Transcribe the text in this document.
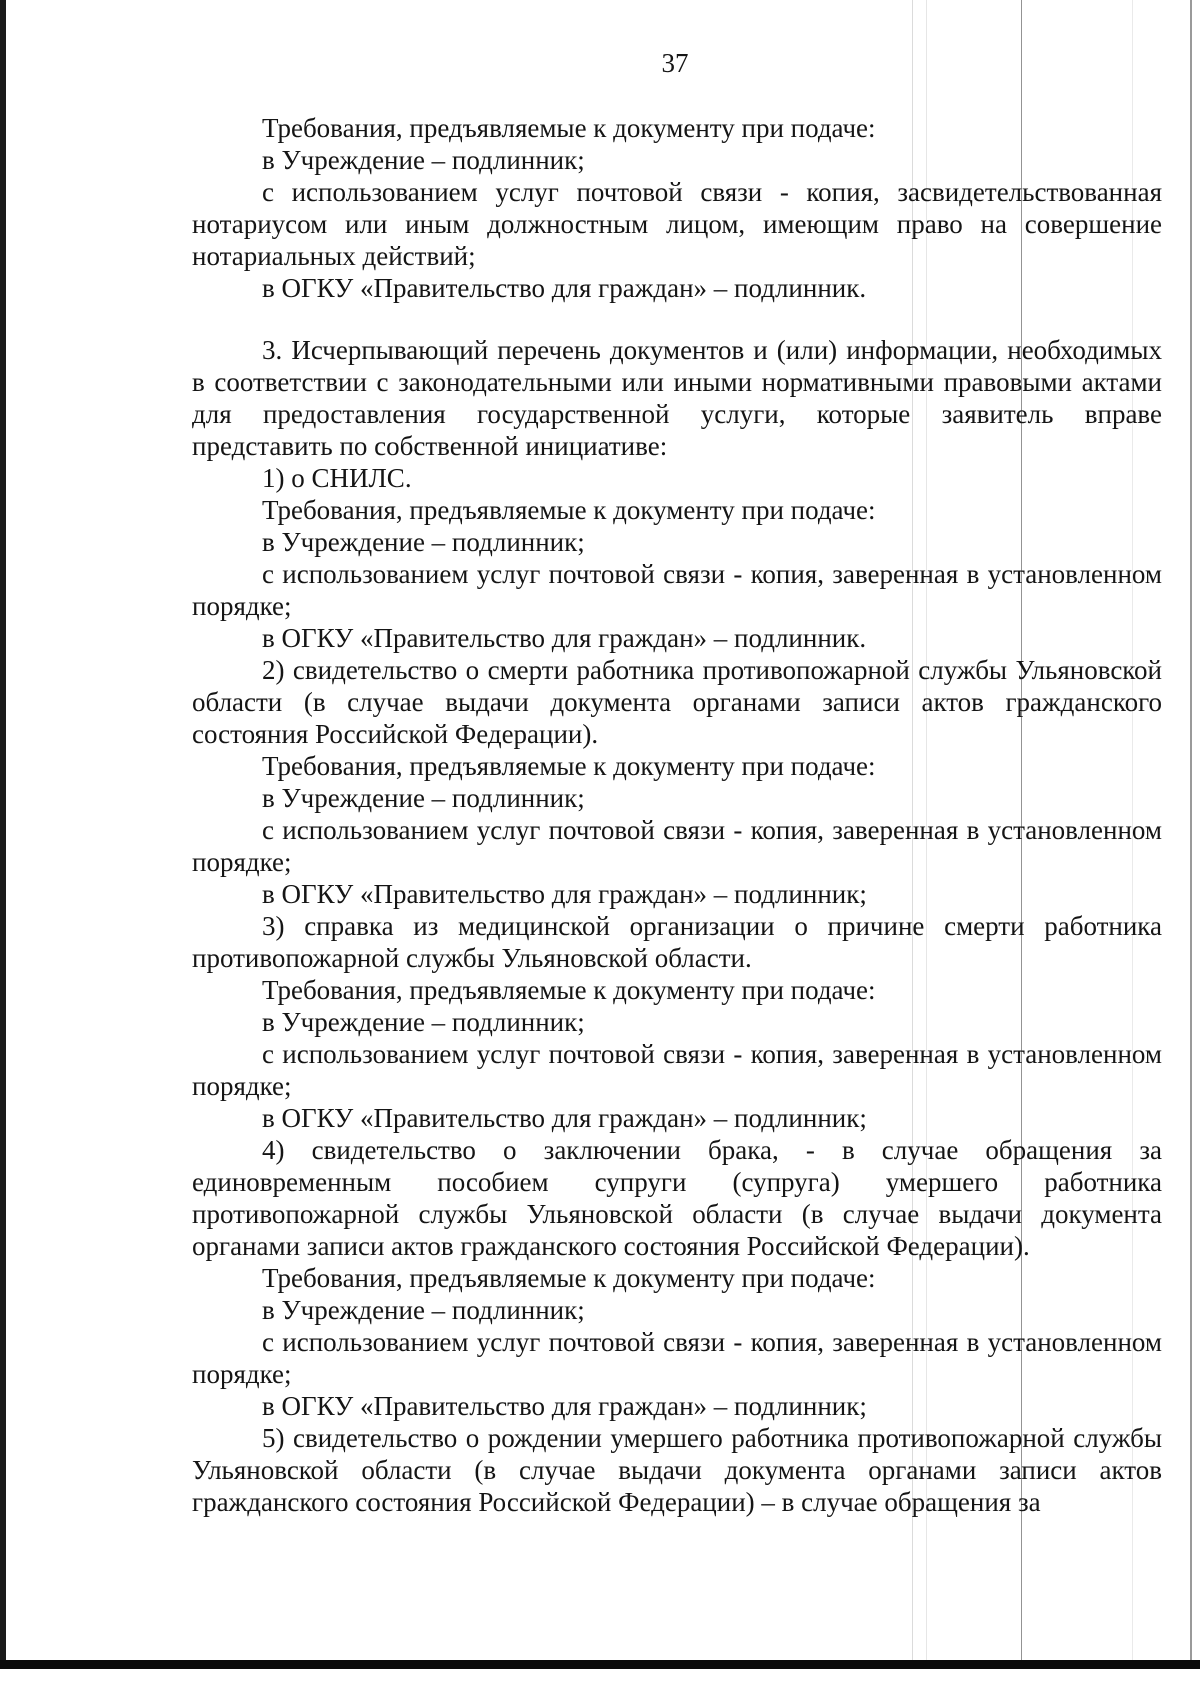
37

Требования, предъявляемые к документу при подаче:

в Учреждение – подлинник;

с использованием услуг почтовой связи - копия, засвидетельствованная нотариусом или иным должностным лицом, имеющим право на совершение нотариальных действий;

в ОГКУ «Правительство для граждан» – подлинник.

3. Исчерпывающий перечень документов и (или) информации, необходимых в соответствии с законодательными или иными нормативными правовыми актами для предоставления государственной услуги, которые заявитель вправе представить по собственной инициативе:

1) о СНИЛС.

Требования, предъявляемые к документу при подаче:

в Учреждение – подлинник;

с использованием услуг почтовой связи - копия, заверенная в установленном порядке;

в ОГКУ «Правительство для граждан» – подлинник.

2) свидетельство о смерти работника противопожарной службы Ульяновской области (в случае выдачи документа органами записи актов гражданского состояния Российской Федерации).

Требования, предъявляемые к документу при подаче:

в Учреждение – подлинник;

с использованием услуг почтовой связи - копия, заверенная в установленном порядке;

в ОГКУ «Правительство для граждан» – подлинник;

3) справка из медицинской организации о причине смерти работника противопожарной службы Ульяновской области.

Требования, предъявляемые к документу при подаче:

в Учреждение – подлинник;

с использованием услуг почтовой связи - копия, заверенная в установленном порядке;

в ОГКУ «Правительство для граждан» – подлинник;

4) свидетельство о заключении брака, - в случае обращения за единовременным пособием супруги (супруга) умершего работника противопожарной службы Ульяновской области (в случае выдачи документа органами записи актов гражданского состояния Российской Федерации).

Требования, предъявляемые к документу при подаче:

в Учреждение – подлинник;

с использованием услуг почтовой связи - копия, заверенная в установленном порядке;

в ОГКУ «Правительство для граждан» – подлинник;

5) свидетельство о рождении умершего работника противопожарной службы Ульяновской области (в случае выдачи документа органами записи актов гражданского состояния Российской Федерации) – в случае обращения за
